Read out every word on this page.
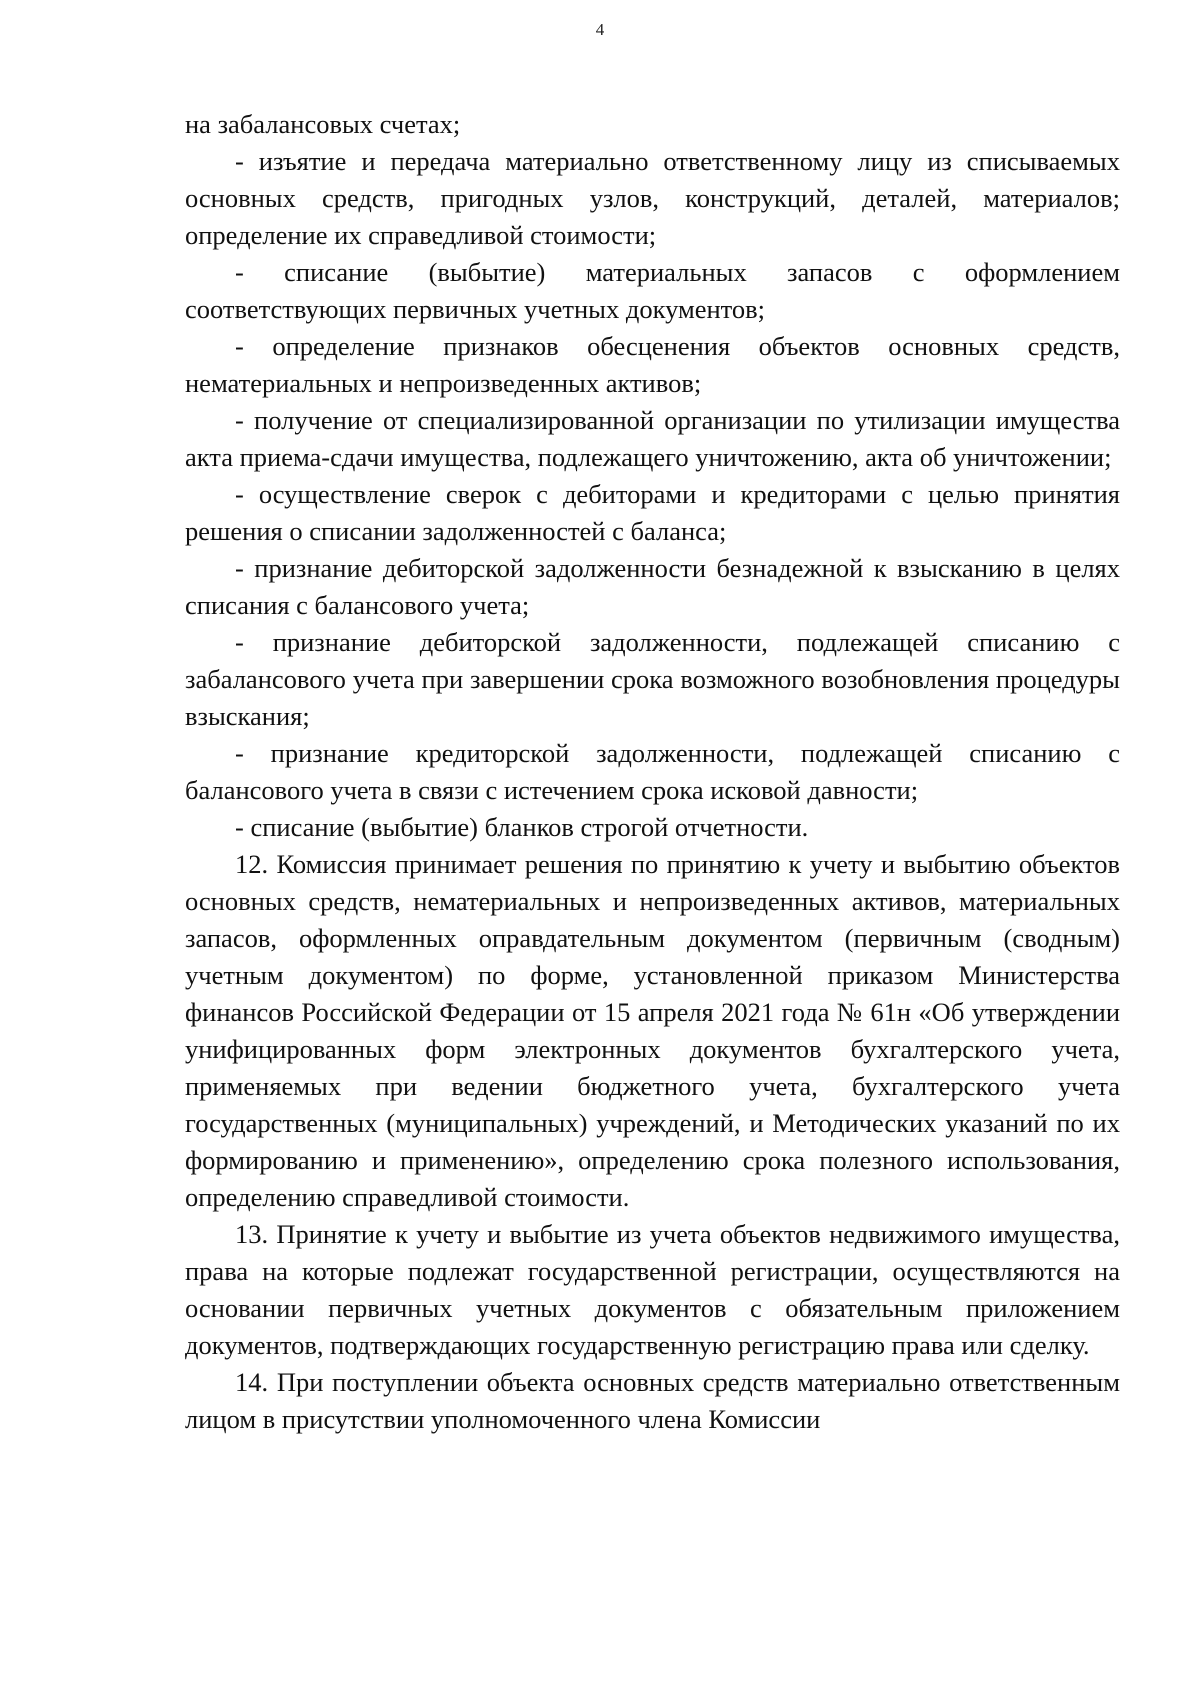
4

на забалансовых счетах;

- изъятие и передача материально ответственному лицу из списываемых основных средств, пригодных узлов, конструкций, деталей, материалов; определение их справедливой стоимости;

- списание (выбытие) материальных запасов с оформлением соответствующих первичных учетных документов;

- определение признаков обесценения объектов основных средств, нематериальных и непроизведенных активов;

- получение от специализированной организации по утилизации имущества акта приема-сдачи имущества, подлежащего уничтожению, акта об уничтожении;

- осуществление сверок с дебиторами и кредиторами с целью принятия решения о списании задолженностей с баланса;

- признание дебиторской задолженности безнадежной к взысканию в целях списания с балансового учета;

- признание дебиторской задолженности, подлежащей списанию с забалансового учета при завершении срока возможного возобновления процедуры взыскания;

- признание кредиторской задолженности, подлежащей списанию с балансового учета в связи с истечением срока исковой давности;

- списание (выбытие) бланков строгой отчетности.

12. Комиссия принимает решения по принятию к учету и выбытию объектов основных средств, нематериальных и непроизведенных активов, материальных запасов, оформленных оправдательным документом (первичным (сводным) учетным документом) по форме, установленной приказом Министерства финансов Российской Федерации от 15 апреля 2021 года № 61н «Об утверждении унифицированных форм электронных документов бухгалтерского учета, применяемых при ведении бюджетного учета, бухгалтерского учета государственных (муниципальных) учреждений, и Методических указаний по их формированию и применению», определению срока полезного использования, определению справедливой стоимости.

13. Принятие к учету и выбытие из учета объектов недвижимого имущества, права на которые подлежат государственной регистрации, осуществляются на основании первичных учетных документов с обязательным приложением документов, подтверждающих государственную регистрацию права или сделку.

14. При поступлении объекта основных средств материально ответственным лицом в присутствии уполномоченного члена Комиссии
